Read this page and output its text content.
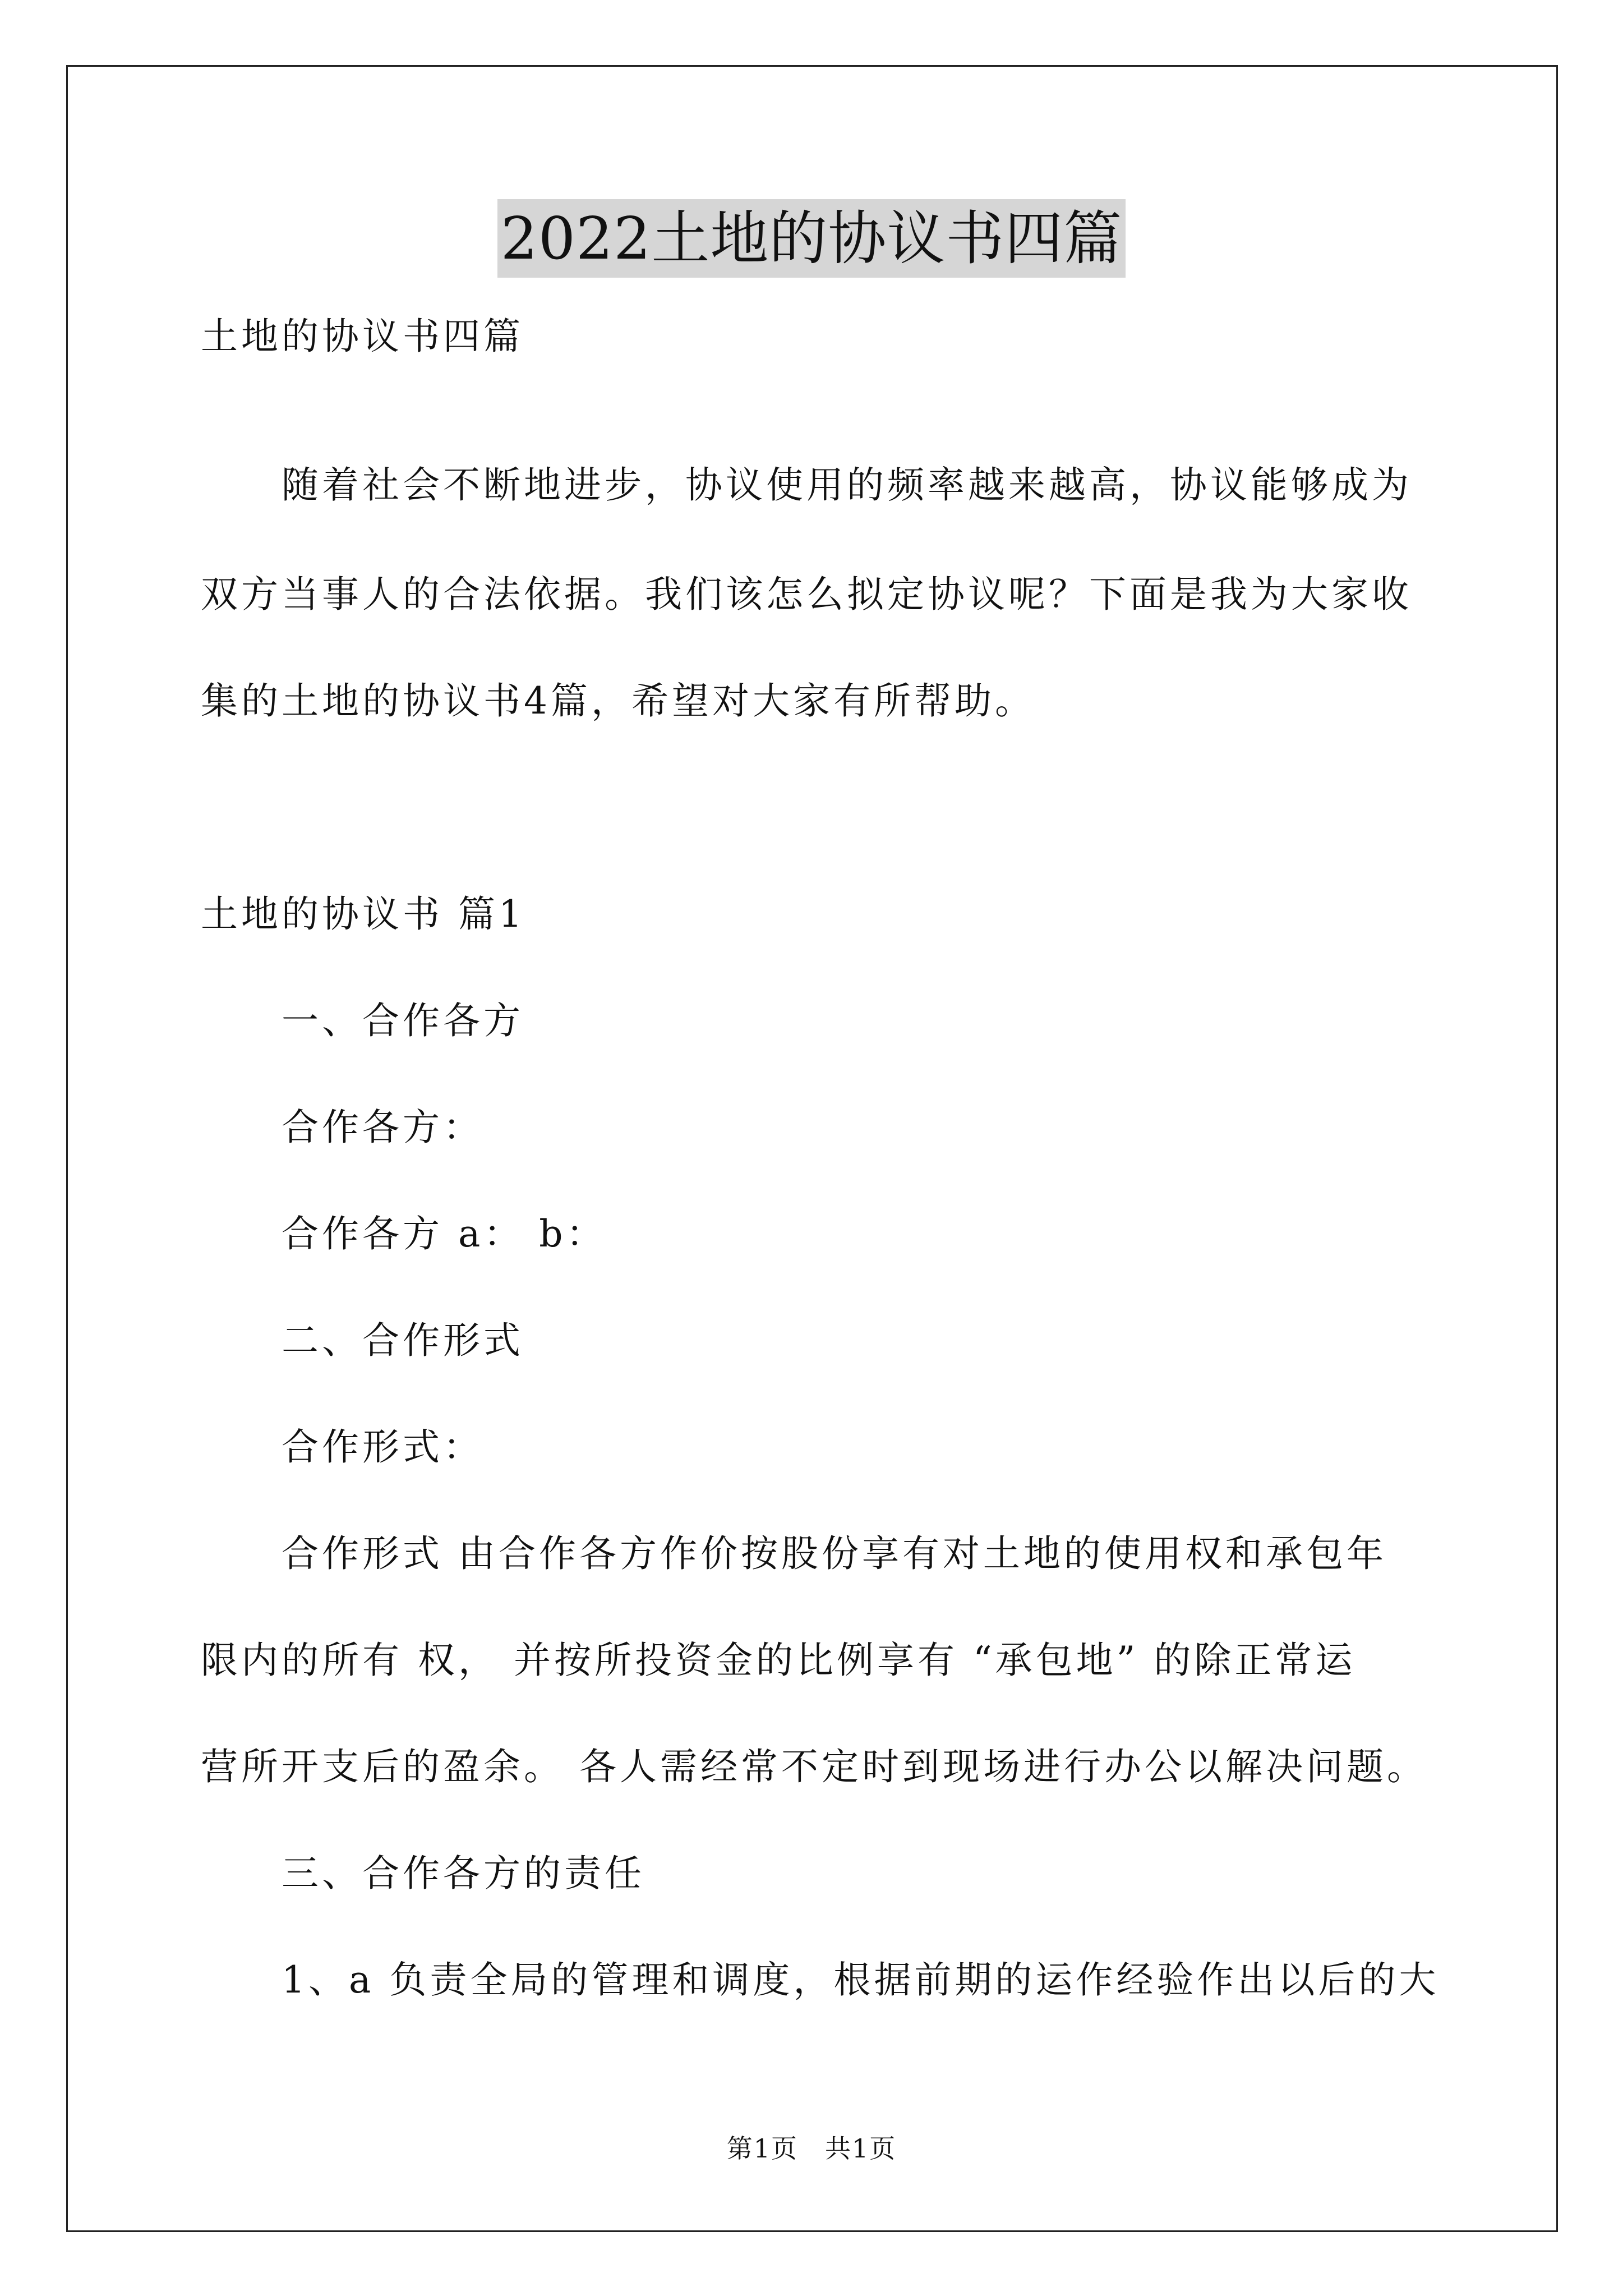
2022土地的协议书四篇
土地的协议书四篇
随着社会不断地进步，协议使用的频率越来越高，协议能够成为
双方当事人的合法依据。我们该怎么拟定协议呢？下面是我为大家收
集的土地的协议书4篇，希望对大家有所帮助。
土地的协议书 篇1
一、合作各方
合作各方：
合作各方 a： b：
二、合作形式
合作形式：
合作形式 由合作各方作价按股份享有对土地的使用权和承包年
限内的所有 权， 并按所投资金的比例享有 “承包地” 的除正常运
营所开支后的盈余。 各人需经常不定时到现场进行办公以解决问题。
三、合作各方的责任
1、a 负责全局的管理和调度，根据前期的运作经验作出以后的大
第1页　共1页
